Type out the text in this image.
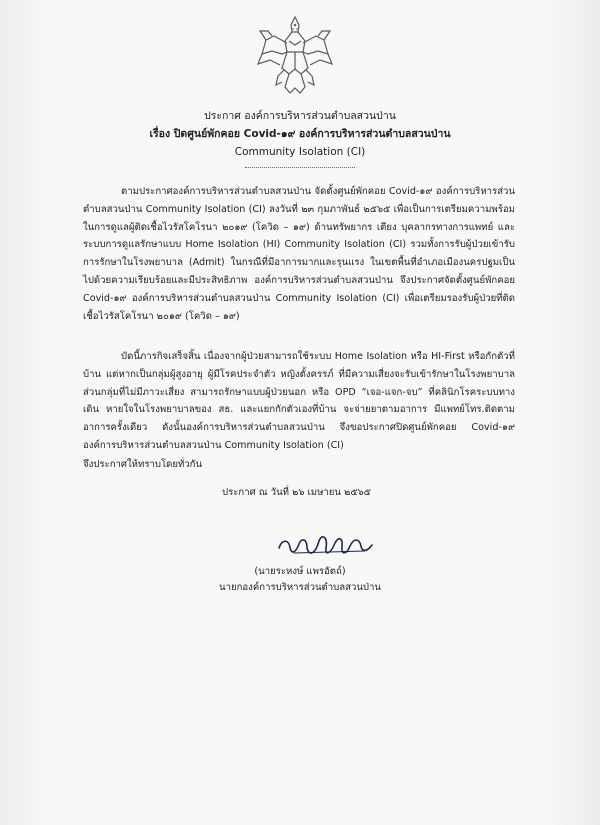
ประกาศ องค์การบริหารส่วนตำบลสวนป่าน
เรื่อง ปิดศูนย์พักคอย Covid-๑๙ องค์การบริหารส่วนตำบลสวนป่าน
Community Isolation (CI)
ตามประกาศองค์การบริหารส่วนตำบลสวนป่าน จัดตั้งศูนย์พักคอย Covid-๑๙ องค์การบริหารส่วนตำบลสวนป่าน Community Isolation (CI) ลงวันที่ ๒๓ กุมภาพันธ์ ๒๕๖๕ เพื่อเป็นการเตรียมความพร้อมในการดูแลผู้ติดเชื้อไวรัสโคโรนา ๒๐๑๙ (โควิด – ๑๙) ด้านทรัพยากร เตียง บุคลากรทางการแพทย์ และระบบการดูแลรักษาแบบ Home Isolation (HI) Community Isolation (CI) รวมทั้งการรับผู้ป่วยเข้ารับการรักษาในโรงพยาบาล (Admit) ในกรณีที่มีอาการมากและรุนแรง ในเขตพื้นที่อำเภอเมืองนครปฐมเป็นไปด้วยความเรียบร้อยและมีประสิทธิภาพ องค์การบริหารส่วนตำบลสวนป่าน จึงประกาศจัดตั้งศูนย์พักคอย Covid-๑๙ องค์การบริหารส่วนตำบลสวนป่าน Community Isolation (CI) เพื่อเตรียมรองรับผู้ป่วยที่ติดเชื้อไวรัสโคโรนา ๒๐๑๙ (โควิด – ๑๙)
บัดนี้ภารกิจเสร็จสิ้น เนื่องจากผู้ป่วยสามารถใช้ระบบ Home Isolation หรือ HI-First หรือกักตัวที่บ้าน แต่หากเป็นกลุ่มผู้สูงอายุ ผู้มีโรคประจำตัว หญิงตั้งครรภ์ ที่มีความเสี่ยงจะรับเข้ารักษาในโรงพยาบาล ส่วนกลุ่มที่ไม่มีภาวะเสี่ยง สามารถรักษาแบบผู้ป่วยนอก หรือ OPD “เจอ-แจก-จบ” ที่คลินิกโรคระบบทางเดิน หายใจในโรงพยาบาลของ สธ. และแยกกักตัวเองที่บ้าน จะจ่ายยาตามอาการ มีแพทย์โทร.ติดตามอาการครั้งเดียว ดังนั้นองค์การบริหารส่วนตำบลสวนป่าน จึงขอประกาศปิดศูนย์พักคอย Covid-๑๙ องค์การบริหารส่วนตำบลสวนป่าน Community Isolation (CI)
จึงประกาศให้ทราบโดยทั่วกัน
ประกาศ ณ วันที่ ๒๖ เมษายน ๒๕๖๕
(นายระหงษ์ แพรอัตถ์)
นายกองค์การบริหารส่วนตำบลสวนป่าน
